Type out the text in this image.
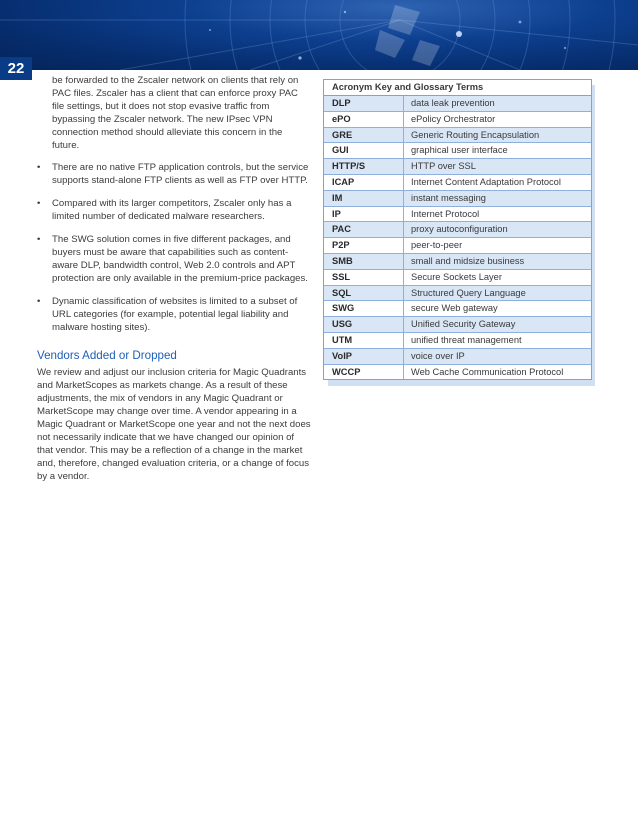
22

be forwarded to the Zscaler network on clients that rely on PAC files. Zscaler has a client that can enforce proxy PAC file settings, but it does not stop evasive traffic from bypassing the Zscaler network. The new IPsec VPN connection method should alleviate this concern in the future.

•	There are no native FTP application controls, but the service supports stand-alone FTP clients as well as FTP over HTTP.
•	Compared with its larger competitors, Zscaler only has a limited number of dedicated malware researchers.
•	The SWG solution comes in five different packages, and buyers must be aware that capabilities such as content-aware DLP, bandwidth control, Web 2.0 controls and APT protection are only available in the premium-price packages.
•	Dynamic classification of websites is limited to a subset of URL categories (for example, potential legal liability and malware hosting sites).
Vendors Added or Dropped

We review and adjust our inclusion criteria for Magic Quadrants and MarketScopes as markets change. As a result of these adjustments, the mix of vendors in any Magic Quadrant or MarketScope may change over time. A vendor appearing in a Magic Quadrant or MarketScope one year and not the next does not necessarily indicate that we have changed our opinion of that vendor. This may be a reflection of a change in the market and, therefore, changed evaluation criteria, or a change of focus by a vendor.

Acronym Key and Glossary Terms
DLP	data leak prevention
ePO	ePolicy Orchestrator
GRE	Generic Routing Encapsulation
GUI	graphical user interface
HTTP/S	HTTP over SSL
ICAP	Internet Content Adaptation Protocol
IM	instant messaging
IP	Internet Protocol
PAC	proxy autoconfiguration
P2P	peer-to-peer
SMB	small and midsize business
SSL	Secure Sockets Layer
SQL	Structured Query Language
SWG	secure Web gateway
USG	Unified Security Gateway
UTM	unified threat management
VoIP	voice over IP
WCCP	Web Cache Communication Protocol
